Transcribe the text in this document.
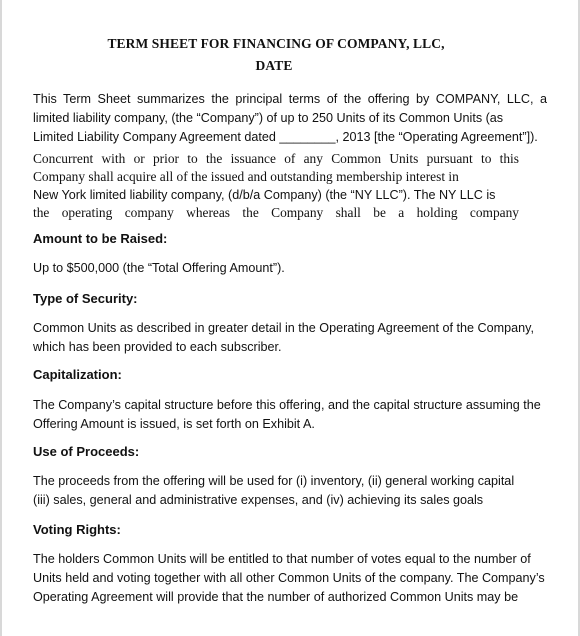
TERM SHEET FOR FINANCING OF COMPANY, LLC,
DATE
This Term Sheet summarizes the principal terms of the offering by COMPANY, LLC, a
limited liability company, (the “Company”) of up to 250 Units of its Common Units (as
Limited Liability Company Agreement dated ________, 2013 [the “Operating Agreement”]).
Concurrent with or prior to the issuance of any Common Units pursuant to this
Company shall acquire all of the issued and outstanding membership interest in
New York limited liability company, (d/b/a Company) (the “NY LLC”). The NY LLC is
the operating company whereas the Company shall be a holding company
Amount to be Raised:
Up to $500,000 (the “Total Offering Amount”).
Type of Security:
Common Units as described in greater detail in the Operating Agreement of the Company,
which has been provided to each subscriber.
Capitalization:
The Company’s capital structure before this offering, and the capital structure assuming the
Offering Amount is issued, is set forth on Exhibit A.
Use of Proceeds:
The proceeds from the offering will be used for (i) inventory, (ii) general working capital
(iii) sales, general and administrative expenses, and (iv) achieving its sales goals
Voting Rights:
The holders Common Units will be entitled to that number of votes equal to the number of
Units held and voting together with all other Common Units of the company. The Company’s
Operating Agreement will provide that the number of authorized Common Units may be
